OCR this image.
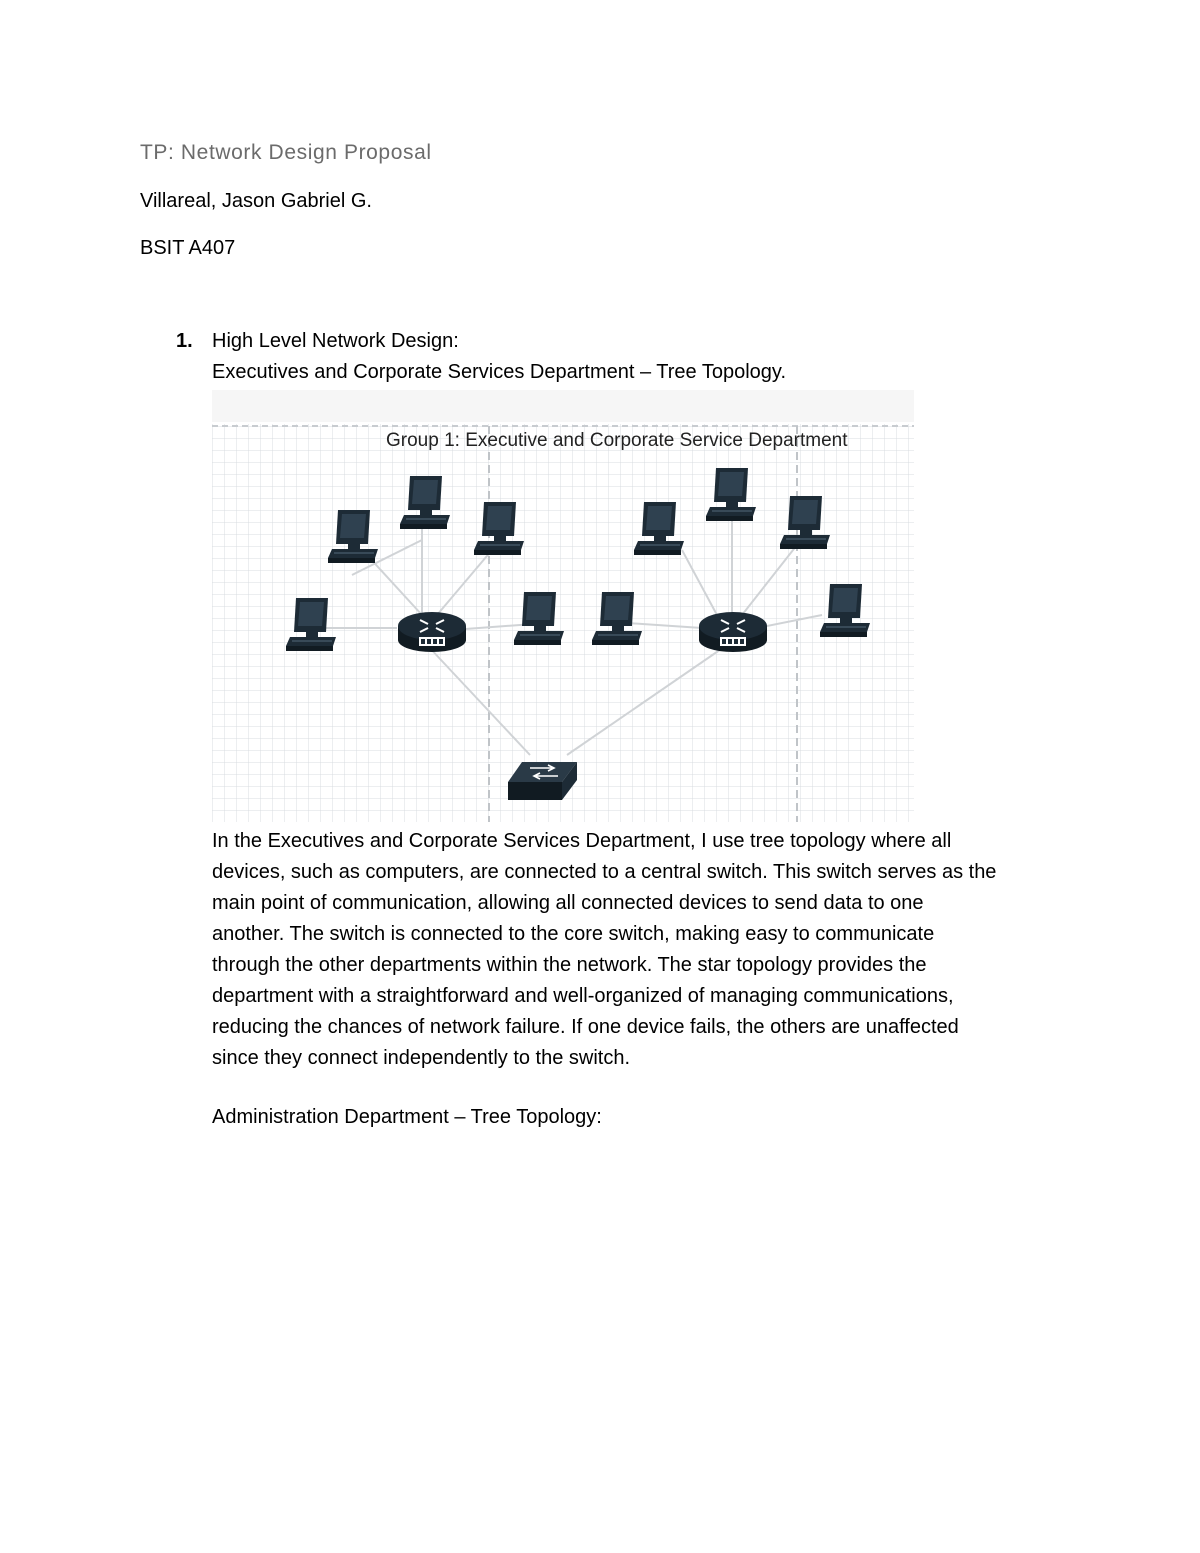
TP: Network Design Proposal
Villareal, Jason Gabriel G.
BSIT A407
1. High Level Network Design:
Executives and Corporate Services Department – Tree Topology.
Group 1: Executive and Corporate Service Department

In the Executives and Corporate Services Department, I use tree topology where all

devices, such as computers, are connected to a central switch. This switch serves as the

main point of communication, allowing all connected devices to send data to one

another. The switch is connected to the core switch, making easy to communicate

through the other departments within the network. The star topology provides the

department with a straightforward and well-organized of managing communications,

reducing the chances of network failure. If one device fails, the others are unaffected

since they connect independently to the switch.

Administration Department – Tree Topology:
